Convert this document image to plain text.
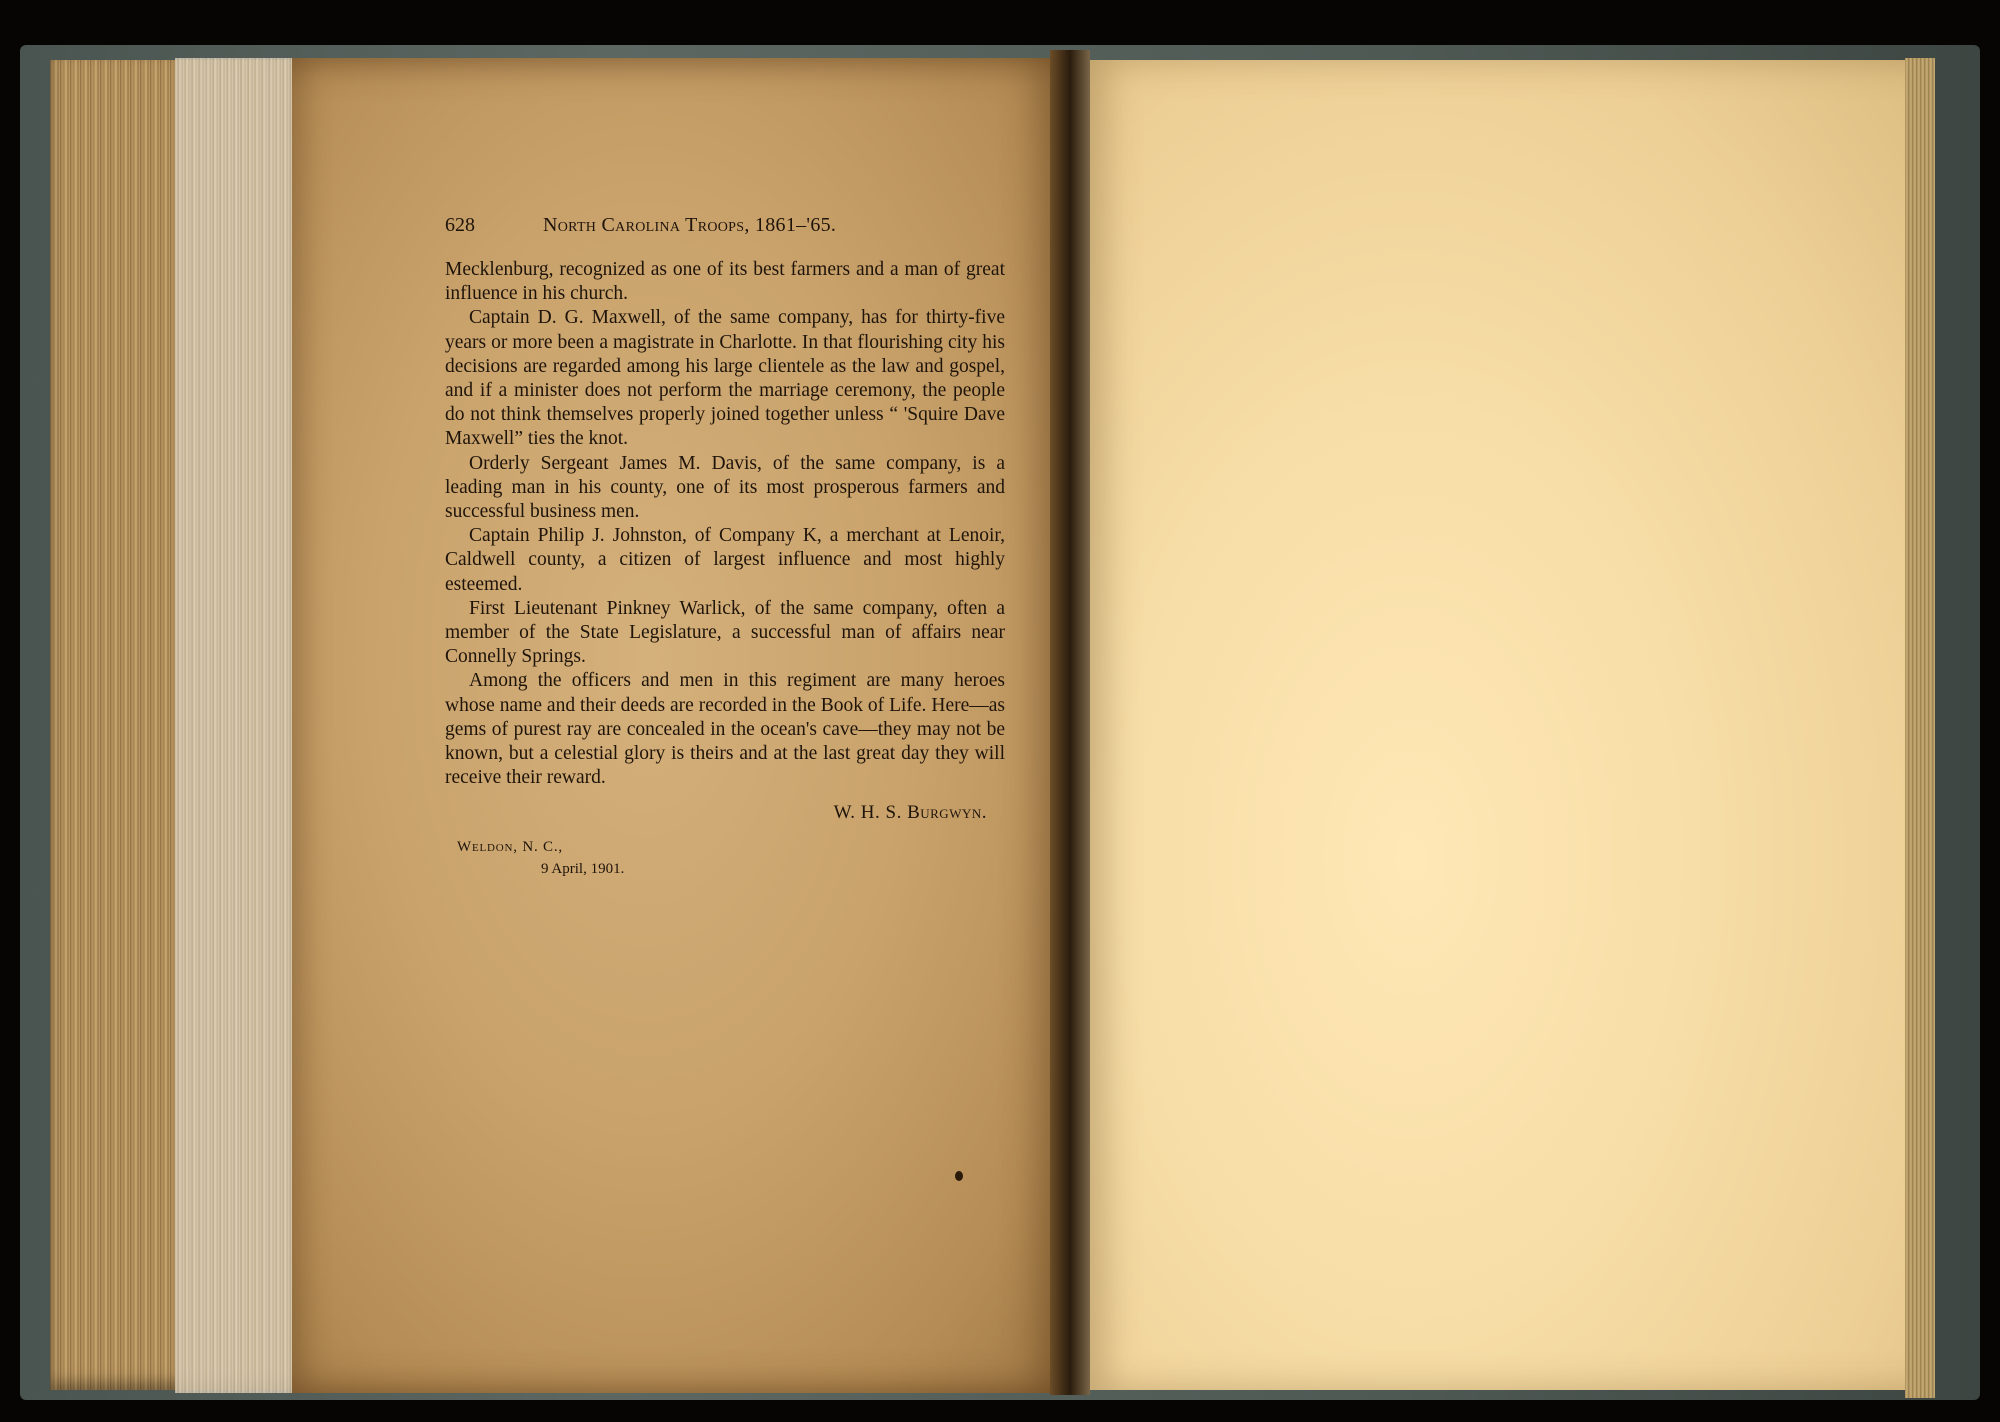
628	North Carolina Troops, 1861–'65.

Mecklenburg, recognized as one of its best farmers and a man of great influence in his church.

Captain D. G. Maxwell, of the same company, has for thirty-five years or more been a magistrate in Charlotte. In that flourishing city his decisions are regarded among his large clientele as the law and gospel, and if a minister does not perform the marriage ceremony, the people do not think themselves properly joined together unless “ 'Squire Dave Maxwell” ties the knot.

Orderly Sergeant James M. Davis, of the same company, is a leading man in his county, one of its most prosperous farmers and successful business men.

Captain Philip J. Johnston, of Company K, a merchant at Lenoir, Caldwell county, a citizen of largest influence and most highly esteemed.

First Lieutenant Pinkney Warlick, of the same company, often a member of the State Legislature, a successful man of affairs near Connelly Springs.

Among the officers and men in this regiment are many heroes whose name and their deeds are recorded in the Book of Life. Here—as gems of purest ray are concealed in the ocean's cave—they may not be known, but a celestial glory is theirs and at the last great day they will receive their reward.

W. H. S. Burgwyn.
Weldon, N. C.,
9 April, 1901.
